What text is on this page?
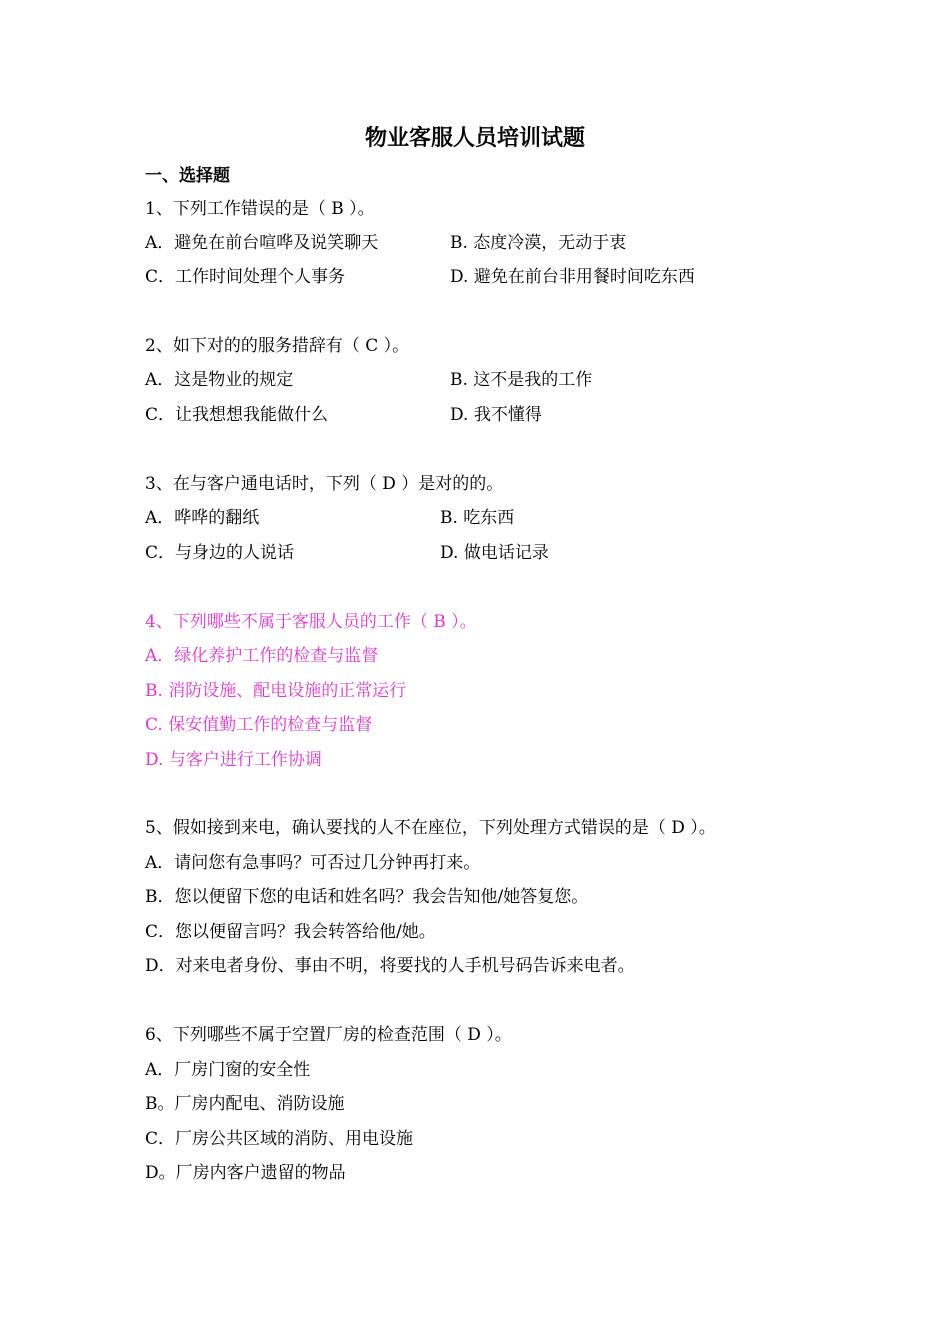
物业客服人员培训试题
一、选择题
1、下列工作错误的是（ B ）。
A．避免在前台喧哗及说笑聊天	B. 态度冷漠，无动于衷
C．工作时间处理个人事务	D. 避免在前台非用餐时间吃东西
2、如下对的的服务措辞有（ C ）。
A．这是物业的规定	B. 这不是我的工作
C．让我想想我能做什么	D. 我不懂得
3、在与客户通电话时，下列（ D ）是对的的。
A．哗哗的翻纸	B. 吃东西
C．与身边的人说话	D. 做电话记录
4、下列哪些不属于客服人员的工作（ B ）。
A．绿化养护工作的检查与监督
B. 消防设施、配电设施的正常运行
C. 保安值勤工作的检查与监督
D. 与客户进行工作协调
5、假如接到来电，确认要找的人不在座位，下列处理方式错误的是（ D ）。
A．请问您有急事吗？可否过几分钟再打来。
B．您以便留下您的电话和姓名吗？我会告知他/她答复您。
C．您以便留言吗？我会转答给他/她。
D．对来电者身份、事由不明，将要找的人手机号码告诉来电者。
6、下列哪些不属于空置厂房的检查范围（ D ）。
A．厂房门窗的安全性
B。厂房内配电、消防设施
C．厂房公共区域的消防、用电设施
D。厂房内客户遗留的物品
